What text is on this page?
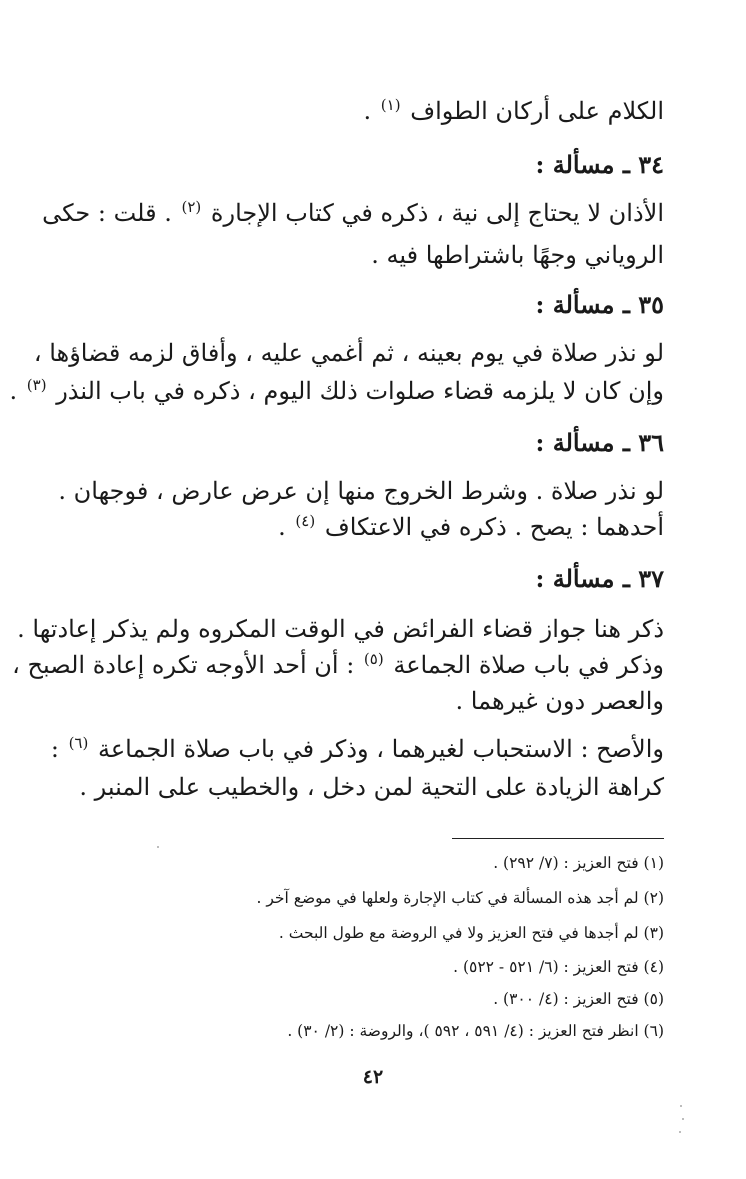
الكلام على أركان الطواف $^{(١)}$ .
٣٤ ـ مسألة :
الأذان لا يحتاج إلى نية ، ذكره في كتاب الإجارة $^{(٢)}$ . قلت : حكى
الروياني وجهًا باشتراطها فيه .
٣٥ ـ مسألة :
لو نذر صلاة في يوم بعينه ، ثم أغمي عليه ، وأفاق لزمه قضاؤها ،
وإن كان لا يلزمه قضاء صلوات ذلك اليوم ، ذكره في باب النذر $^{(٣)}$ .
٣٦ ـ مسألة :
لو نذر صلاة . وشرط الخروج منها إن عرض عارض ، فوجهان .
أحدهما : يصح . ذكره في الاعتكاف $^{(٤)}$ .
٣٧ ـ مسألة :
ذكر هنا جواز قضاء الفرائض في الوقت المكروه ولم يذكر إعادتها .
وذكر في باب صلاة الجماعة $^{(٥)}$ : أن أحد الأوجه تكره إعادة الصبح ،
والعصر دون غيرهما .
والأصح : الاستحباب لغيرهما ، وذكر في باب صلاة الجماعة $^{(٦)}$ :
كراهة الزيادة على التحية لمن دخل ، والخطيب على المنبر .
(١) فتح العزيز : (٧/ ٢٩٢) .
(٢) لم أجد هذه المسألة في كتاب الإجارة ولعلها في موضع آخر .
(٣) لم أجدها في فتح العزيز ولا في الروضة مع طول البحث .
(٤) فتح العزيز : (٦/ ٥٢١ - ٥٢٢) .
(٥) فتح العزيز : (٤/ ٣٠٠) .
(٦) انظر فتح العزيز : (٤/ ٥٩١ ، ٥٩٢ )، والروضة : (٢/ ٣٠) .
٤٢
